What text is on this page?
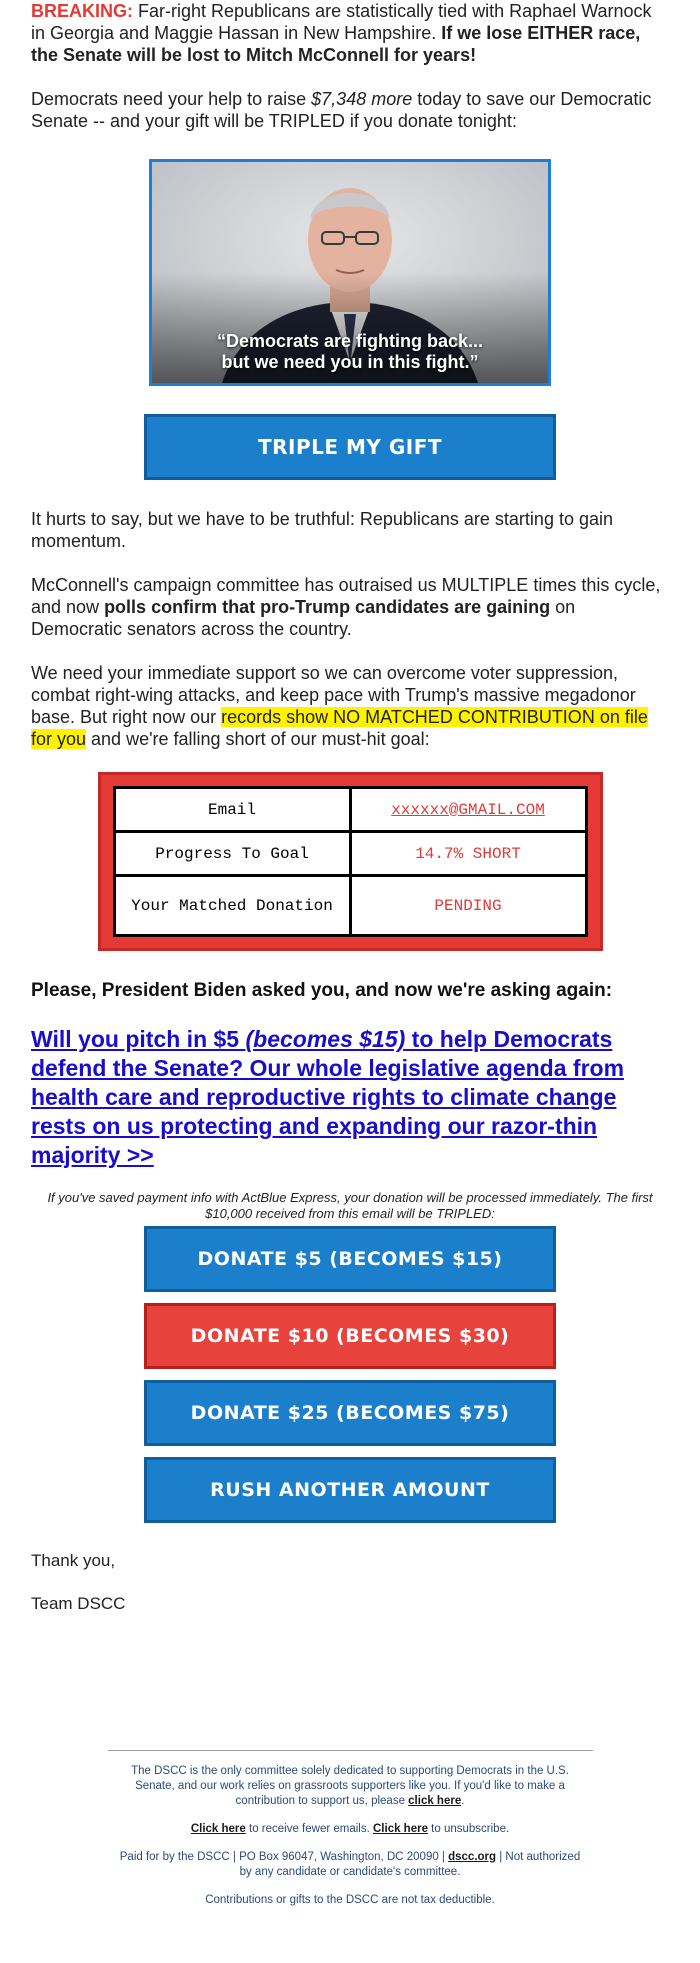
BREAKING: Far-right Republicans are statistically tied with Raphael Warnock in Georgia and Maggie Hassan in New Hampshire. If we lose EITHER race, the Senate will be lost to Mitch McConnell for years!

Democrats need your help to raise $7,348 more today to save our Democratic Senate -- and your gift will be TRIPLED if you donate tonight:

“Democrats are fighting back...
but we need you in this fight.”
TRIPLE MY GIFT

It hurts to say, but we have to be truthful: Republicans are starting to gain momentum.

McConnell's campaign committee has outraised us MULTIPLE times this cycle, and now polls confirm that pro-Trump candidates are gaining on Democratic senators across the country.

We need your immediate support so we can overcome voter suppression, combat right-wing attacks, and keep pace with Trump's massive megadonor base. But right now our records show NO MATCHED CONTRIBUTION on file for you and we're falling short of our must-hit goal:

Email	xxxxxx@GMAIL.COM
Progress To Goal	14.7% SHORT
Your Matched Donation	PENDING

Please, President Biden asked you, and now we're asking again:

Will you pitch in $5 (becomes $15) to help Democrats defend the Senate? Our whole legislative agenda from health care and reproductive rights to climate change rests on us protecting and expanding our razor-thin majority >>

If you've saved payment info with ActBlue Express, your donation will be processed immediately. The first $10,000 received from this email will be TRIPLED:

DONATE $5 (BECOMES $15)
DONATE $10 (BECOMES $30)
DONATE $25 (BECOMES $75)
RUSH ANOTHER AMOUNT

Thank you,

Team DSCC

The DSCC is the only committee solely dedicated to supporting Democrats in the U.S. Senate, and our work relies on grassroots supporters like you. If you'd like to make a contribution to support us, please click here.

Click here to receive fewer emails. Click here to unsubscribe.

Paid for by the DSCC | PO Box 96047, Washington, DC 20090 | dscc.org | Not authorized by any candidate or candidate's committee.

Contributions or gifts to the DSCC are not tax deductible.
